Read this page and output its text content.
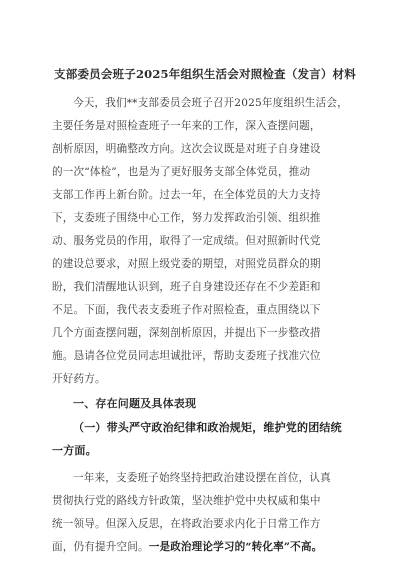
支部委员会班子2025年组织生活会对照检查（发言）材料
今天，我们**支部委员会班子召开2025年度组织生活会，
主要任务是对照检查班子一年来的工作，深入查摆问题，
剖析原因，明确整改方向。这次会议既是对班子自身建设
的一次“体检”，也是为了更好服务支部全体党员，推动
支部工作再上新台阶。过去一年，在全体党员的大力支持
下，支委班子围绕中心工作，努力发挥政治引领、组织推
动、服务党员的作用，取得了一定成绩。但对照新时代党
的建设总要求，对照上级党委的期望，对照党员群众的期
盼，我们清醒地认识到，班子自身建设还存在不少差距和
不足。下面，我代表支委班子作对照检查，重点围绕以下
几个方面查摆问题，深刻剖析原因，并提出下一步整改措
施。恳请各位党员同志坦诚批评，帮助支委班子找准穴位
开好药方。
一、存在问题及具体表现
（一）带头严守政治纪律和政治规矩，维护党的团结统
一方面。
一年来，支委班子始终坚持把政治建设摆在首位，认真
贯彻执行党的路线方针政策，坚决维护党中央权威和集中
统一领导。但深入反思，在将政治要求内化于日常工作方
面，仍有提升空间。一是政治理论学习的“转化率”不高。
